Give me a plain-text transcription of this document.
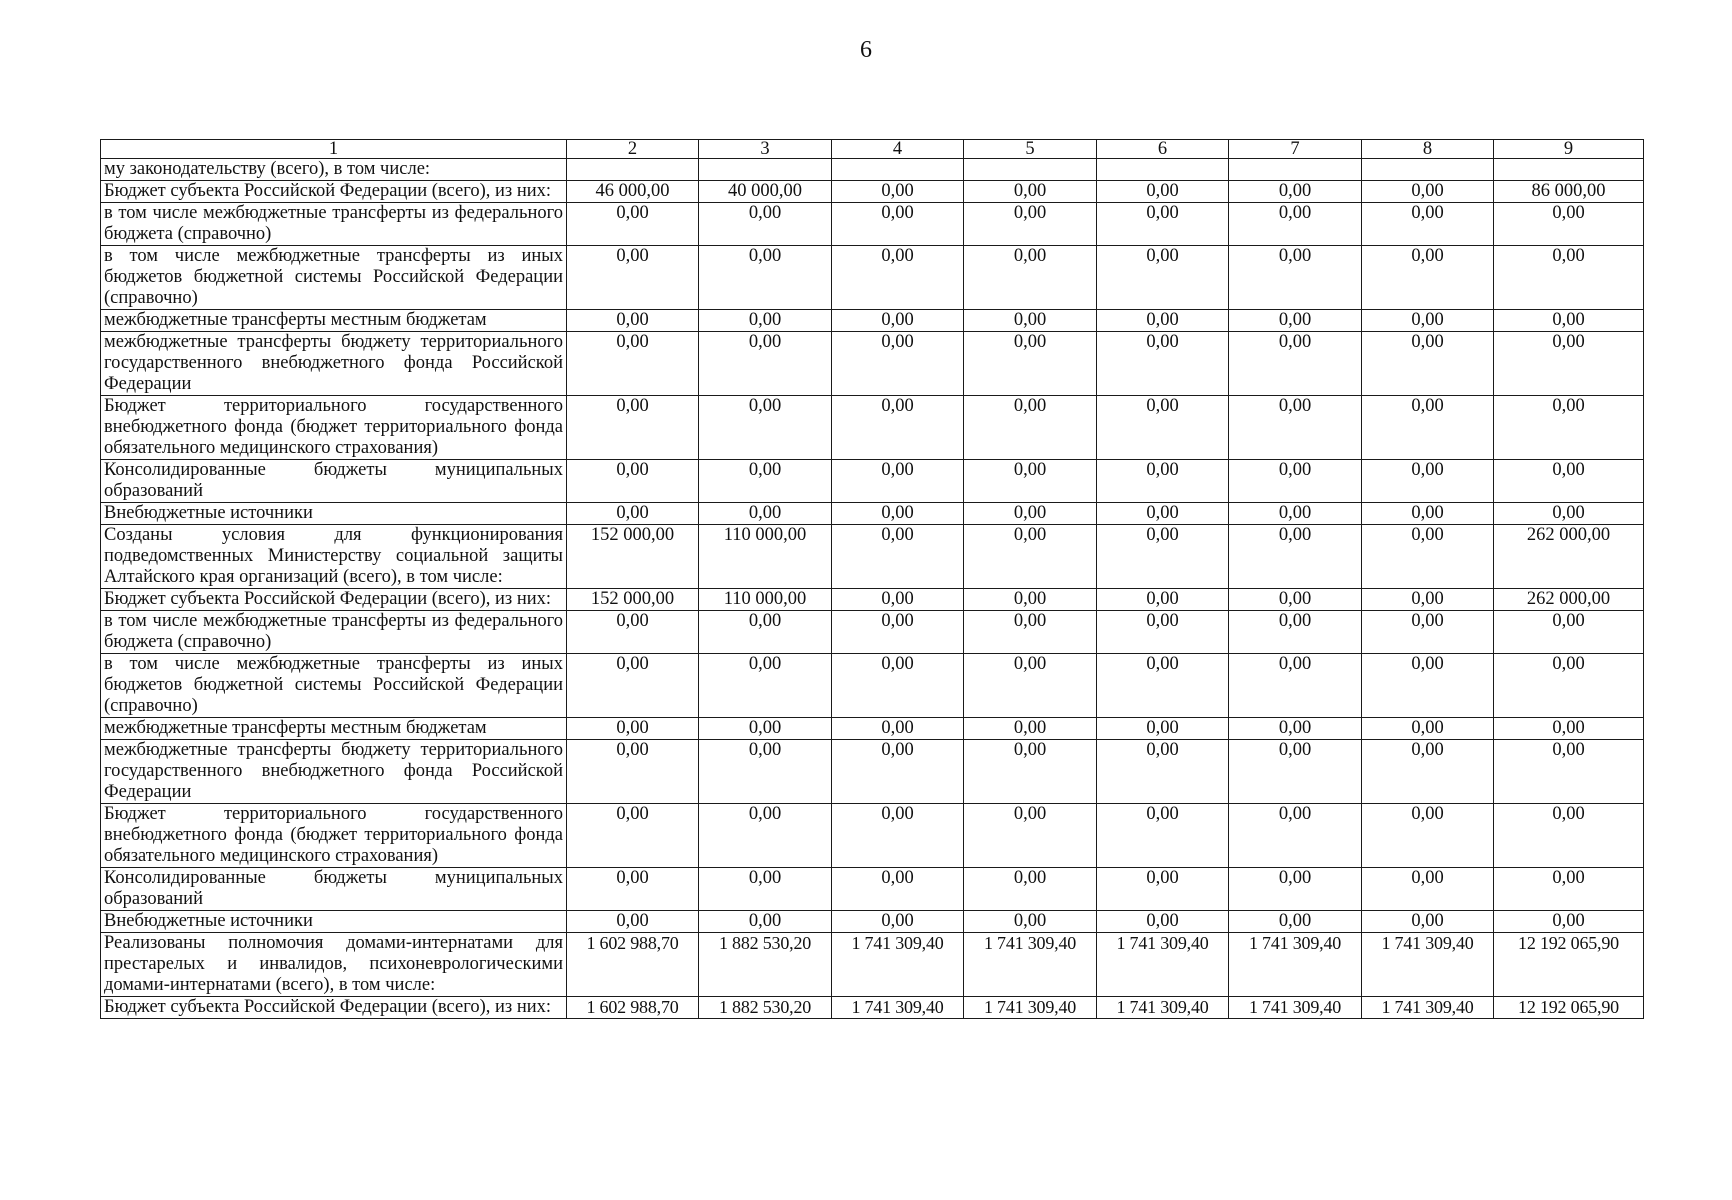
6
1	2	3	4	5	6	7	8	9
му законодательству (всего), в том числе:								
Бюджет субъекта Российской Федерации (всего), из них:	46 000,00	40 000,00	0,00	0,00	0,00	0,00	0,00	86 000,00
в том числе межбюджетные трансферты из федерального бюджета (справочно)	0,00	0,00	0,00	0,00	0,00	0,00	0,00	0,00
в том числе межбюджетные трансферты из иных бюджетов бюджетной системы Российской Федерации (справочно)	0,00	0,00	0,00	0,00	0,00	0,00	0,00	0,00
межбюджетные трансферты местным бюджетам	0,00	0,00	0,00	0,00	0,00	0,00	0,00	0,00
межбюджетные трансферты бюджету территориального государственного внебюджетного фонда Российской Федерации	0,00	0,00	0,00	0,00	0,00	0,00	0,00	0,00
Бюджет территориального государственного внебюджетного фонда (бюджет территориального фонда обязательного медицинского страхования)	0,00	0,00	0,00	0,00	0,00	0,00	0,00	0,00
Консолидированные бюджеты муниципальных образований	0,00	0,00	0,00	0,00	0,00	0,00	0,00	0,00
Внебюджетные источники	0,00	0,00	0,00	0,00	0,00	0,00	0,00	0,00
Созданы условия для функционирования подведомственных Министерству социальной защиты Алтайского края организаций (всего), в том числе:	152 000,00	110 000,00	0,00	0,00	0,00	0,00	0,00	262 000,00
Бюджет субъекта Российской Федерации (всего), из них:	152 000,00	110 000,00	0,00	0,00	0,00	0,00	0,00	262 000,00
в том числе межбюджетные трансферты из федерального бюджета (справочно)	0,00	0,00	0,00	0,00	0,00	0,00	0,00	0,00
в том числе межбюджетные трансферты из иных бюджетов бюджетной системы Российской Федерации (справочно)	0,00	0,00	0,00	0,00	0,00	0,00	0,00	0,00
межбюджетные трансферты местным бюджетам	0,00	0,00	0,00	0,00	0,00	0,00	0,00	0,00
межбюджетные трансферты бюджету территориального государственного внебюджетного фонда Российской Федерации	0,00	0,00	0,00	0,00	0,00	0,00	0,00	0,00
Бюджет территориального государственного внебюджетного фонда (бюджет территориального фонда обязательного медицинского страхования)	0,00	0,00	0,00	0,00	0,00	0,00	0,00	0,00
Консолидированные бюджеты муниципальных образований	0,00	0,00	0,00	0,00	0,00	0,00	0,00	0,00
Внебюджетные источники	0,00	0,00	0,00	0,00	0,00	0,00	0,00	0,00
Реализованы полномочия домами-интернатами для престарелых и инвалидов, психоневрологическими домами-интернатами (всего), в том числе:	1 602 988,70	1 882 530,20	1 741 309,40	1 741 309,40	1 741 309,40	1 741 309,40	1 741 309,40	12 192 065,90
Бюджет субъекта Российской Федерации (всего), из них:	1 602 988,70	1 882 530,20	1 741 309,40	1 741 309,40	1 741 309,40	1 741 309,40	1 741 309,40	12 192 065,90
